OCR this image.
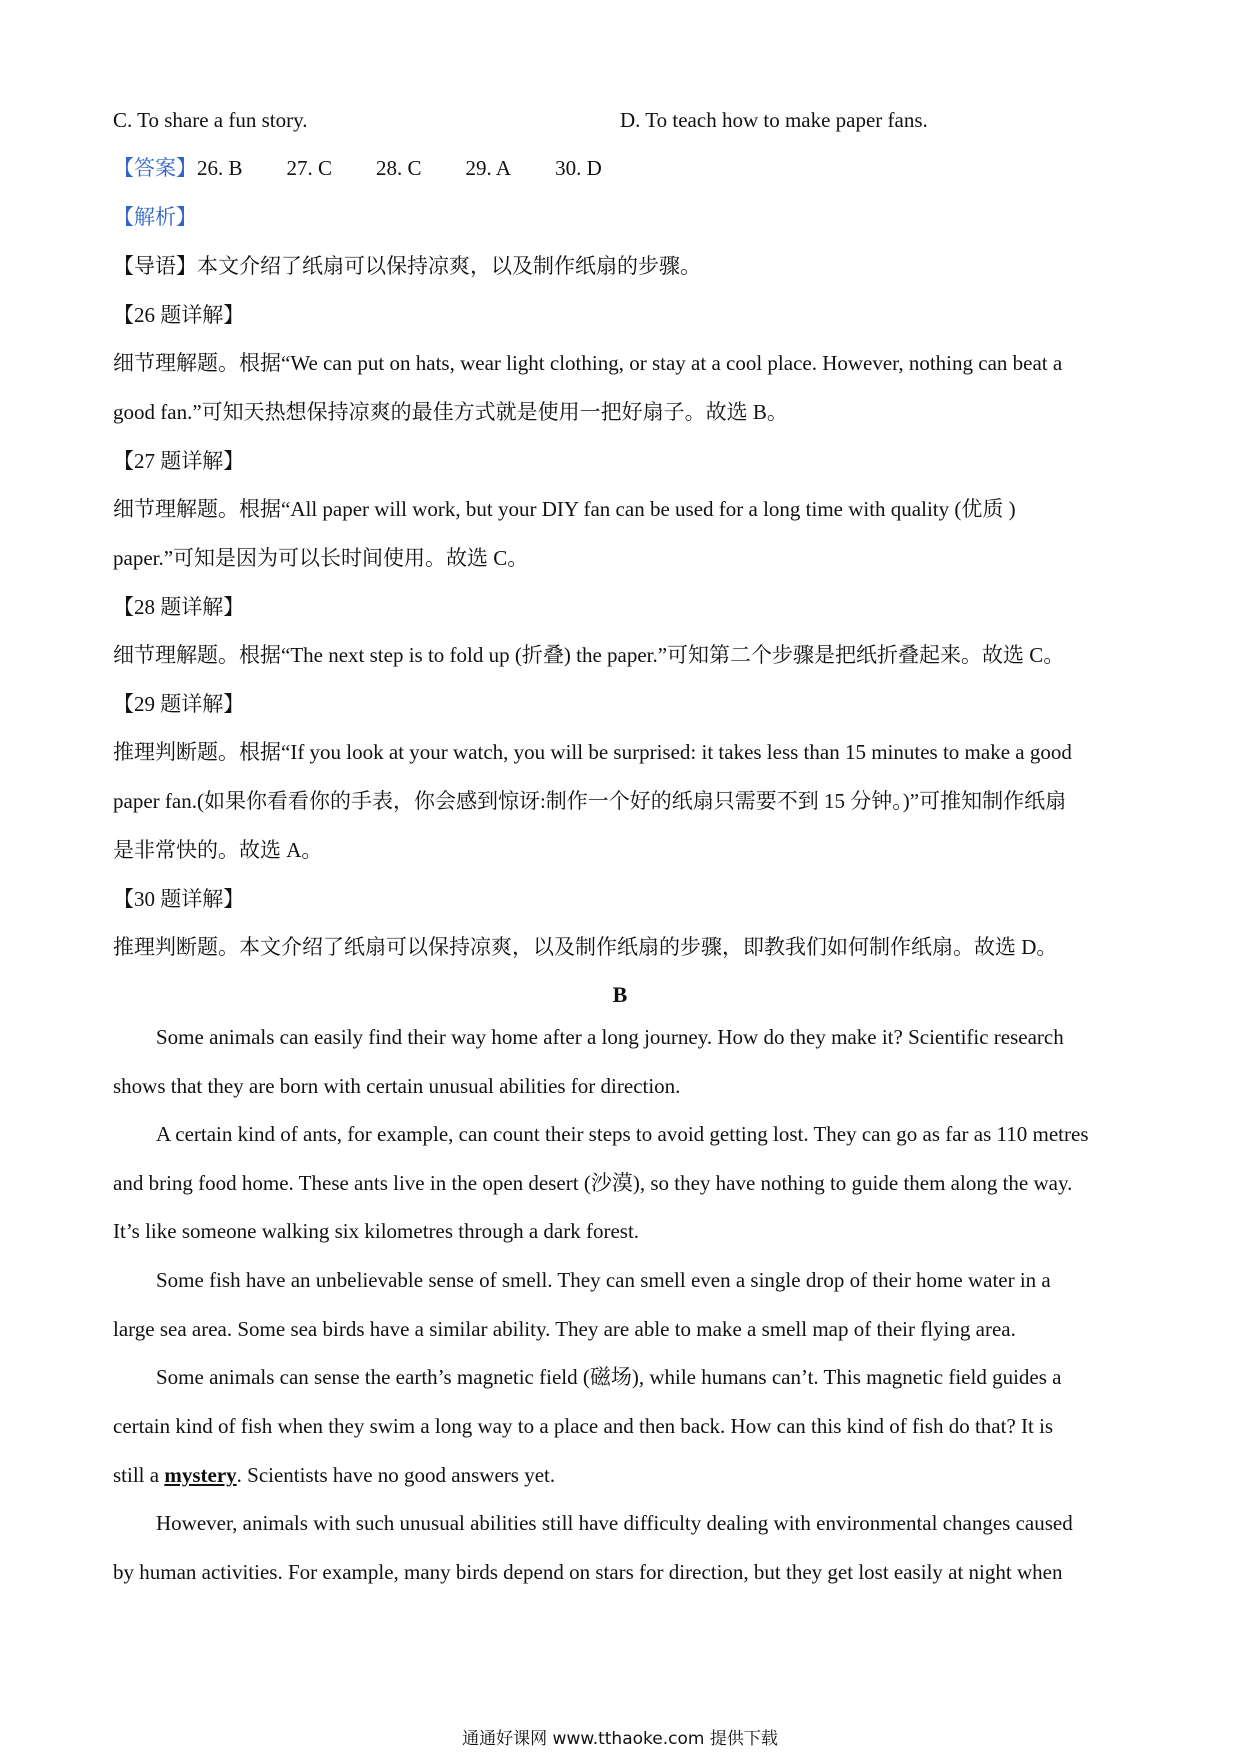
C. To share a fun story.	D. To teach how to make paper fans.
【答案】26. B 27. C 28. C 29. A 30. D
【解析】
【导语】本文介绍了纸扇可以保持凉爽，以及制作纸扇的步骤。
【26 题详解】
细节理解题。根据“We can put on hats, wear light clothing, or stay at a cool place. However, nothing can beat a
good fan.”可知天热想保持凉爽的最佳方式就是使用一把好扇子。故选 B。
【27 题详解】
细节理解题。根据“All paper will work, but your DIY fan can be used for a long time with quality (优质 )
paper.”可知是因为可以长时间使用。故选 C。
【28 题详解】
细节理解题。根据“The next step is to fold up (折叠) the paper.”可知第二个步骤是把纸折叠起来。故选 C。
【29 题详解】
推理判断题。根据“If you look at your watch, you will be surprised: it takes less than 15 minutes to make a good
paper fan.(如果你看看你的手表，你会感到惊讶:制作一个好的纸扇只需要不到 15 分钟。)”可推知制作纸扇
是非常快的。故选 A。
【30 题详解】
推理判断题。本文介绍了纸扇可以保持凉爽，以及制作纸扇的步骤，即教我们如何制作纸扇。故选 D。
B
Some animals can easily find their way home after a long journey. How do they make it? Scientific research
shows that they are born with certain unusual abilities for direction.
A certain kind of ants, for example, can count their steps to avoid getting lost. They can go as far as 110 metres
and bring food home. These ants live in the open desert (沙漠), so they have nothing to guide them along the way.
It’s like someone walking six kilometres through a dark forest.
Some fish have an unbelievable sense of smell. They can smell even a single drop of their home water in a
large sea area. Some sea birds have a similar ability. They are able to make a smell map of their flying area.
Some animals can sense the earth’s magnetic field (磁场), while humans can’t. This magnetic field guides a
certain kind of fish when they swim a long way to a place and then back. How can this kind of fish do that? It is
still a mystery. Scientists have no good answers yet.
However, animals with such unusual abilities still have difficulty dealing with environmental changes caused
by human activities. For example, many birds depend on stars for direction, but they get lost easily at night when
通通好课网 www.tthaoke.com 提供下载
